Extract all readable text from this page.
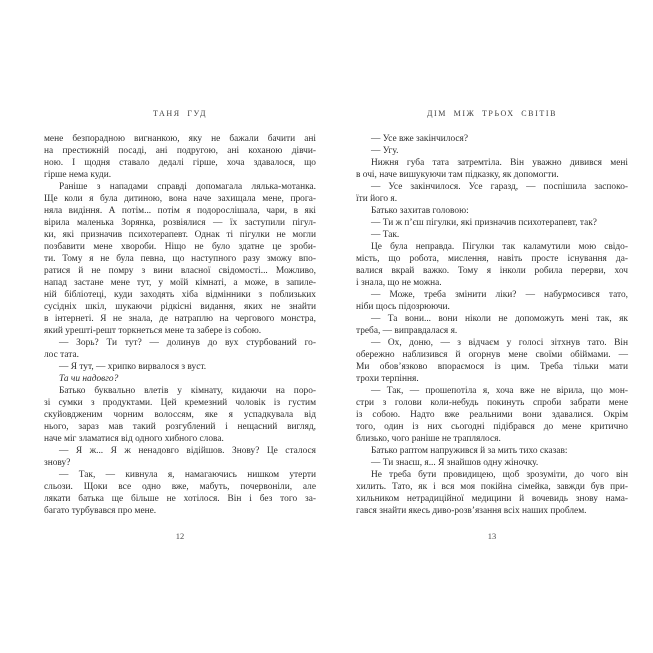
ТАНЯ ГУД
мене безпорадною вигнанкою, яку не бажали бачити ані
на престижній посаді, ані подругою, ані коханою дівчи-
ною. І щодня ставало дедалі гірше, хоча здавалося, що
гірше нема куди.
Раніше з нападами справді допомагала лялька-мотанка.
Ще коли я була дитиною, вона наче захищала мене, прога-
няла видіння. А потім... потім я подорослішала, чари, в які
вірила маленька Зорянка, розвіялися — їх заступили пігул-
ки, які призначив психотерапевт. Однак ті пігулки не могли
позбавити мене хвороби. Ніщо не було здатне це зроби-
ти. Тому я не була певна, що наступного разу зможу впо-
ратися й не помру з вини власної свідомості... Можливо,
напад застане мене тут, у моїй кімнаті, а може, в запиле-
ній бібліотеці, куди заходять хіба відмінники з поблизьких
сусідніх шкіл, шукаючи рідкісні видання, яких не знайти
в інтернеті. Я не знала, де натраплю на чергового монстра,
який урешті-решт торкнеться мене та забере із собою.
— Зорь? Ти тут? — долинув до вух стурбований го-
лос тата.
— Я тут, — хрипко вирвалося з вуст.
Та чи надовго?
Батько буквально влетів у кімнату, кидаючи на поро-
зі сумки з продуктами. Цей кремезний чоловік із густим
скуйовдженим чорним волоссям, яке я успадкувала від
нього, зараз мав такий розгублений і нещасний вигляд,
наче міг зламатися від одного хибного слова.
— Я ж... Я ж ненадовго відійшов. Знову? Це сталося
знову?
— Так, — кивнула я, намагаючись нишком утерти
сльози. Щоки все одно вже, мабуть, почервоніли, але
лякати батька ще більше не хотілося. Він і без того за-
багато турбувався про мене.
12
ДІМ МІЖ ТРЬОХ СВІТІВ
— Усе вже закінчилося?
— Угу.
Нижня губа тата затремтіла. Він уважно дивився мені
в очі, наче вишукуючи там підказку, як допомогти.
— Усе закінчилося. Усе гаразд, — поспішила заспоко-
їти його я.
Батько захитав головою:
— Ти ж п’єш пігулки, які призначив психотерапевт, так?
— Так.
Це була неправда. Пігулки так каламутили мою свідо-
мість, що робота, мислення, навіть просте існування да-
валися вкрай важко. Тому я інколи робила перерви, хоч
і знала, що не можна.
— Може, треба змінити ліки? — набурмосився тато,
ніби щось підозрюючи.
— Та вони... вони ніколи не допоможуть мені так, як
треба, — виправдалася я.
— Ох, доню, — з відчаєм у голосі зітхнув тато. Він
обережно наблизився й огорнув мене своїми обіймами. —
Ми обов’язково впораємося із цим. Треба тільки мати
трохи терпіння.
— Так, — прошепотіла я, хоча вже не вірила, що мон-
стри з голови коли-небудь покинуть спроби забрати мене
із собою. Надто вже реальними вони здавалися. Окрім
того, один із них сьогодні підібрався до мене критично
близько, чого раніше не траплялося.
Батько раптом напружився й за мить тихо сказав:
— Ти знаєш, я... Я знайшов одну жіночку.
Не треба бути провидицею, щоб зрозуміти, до чого він
хилить. Тато, як і вся моя покійна сімейка, завжди був при-
хильником нетрадиційної медицини й вочевидь знову нама-
гався знайти якесь диво-розв’язання всіх наших проблем.
13
